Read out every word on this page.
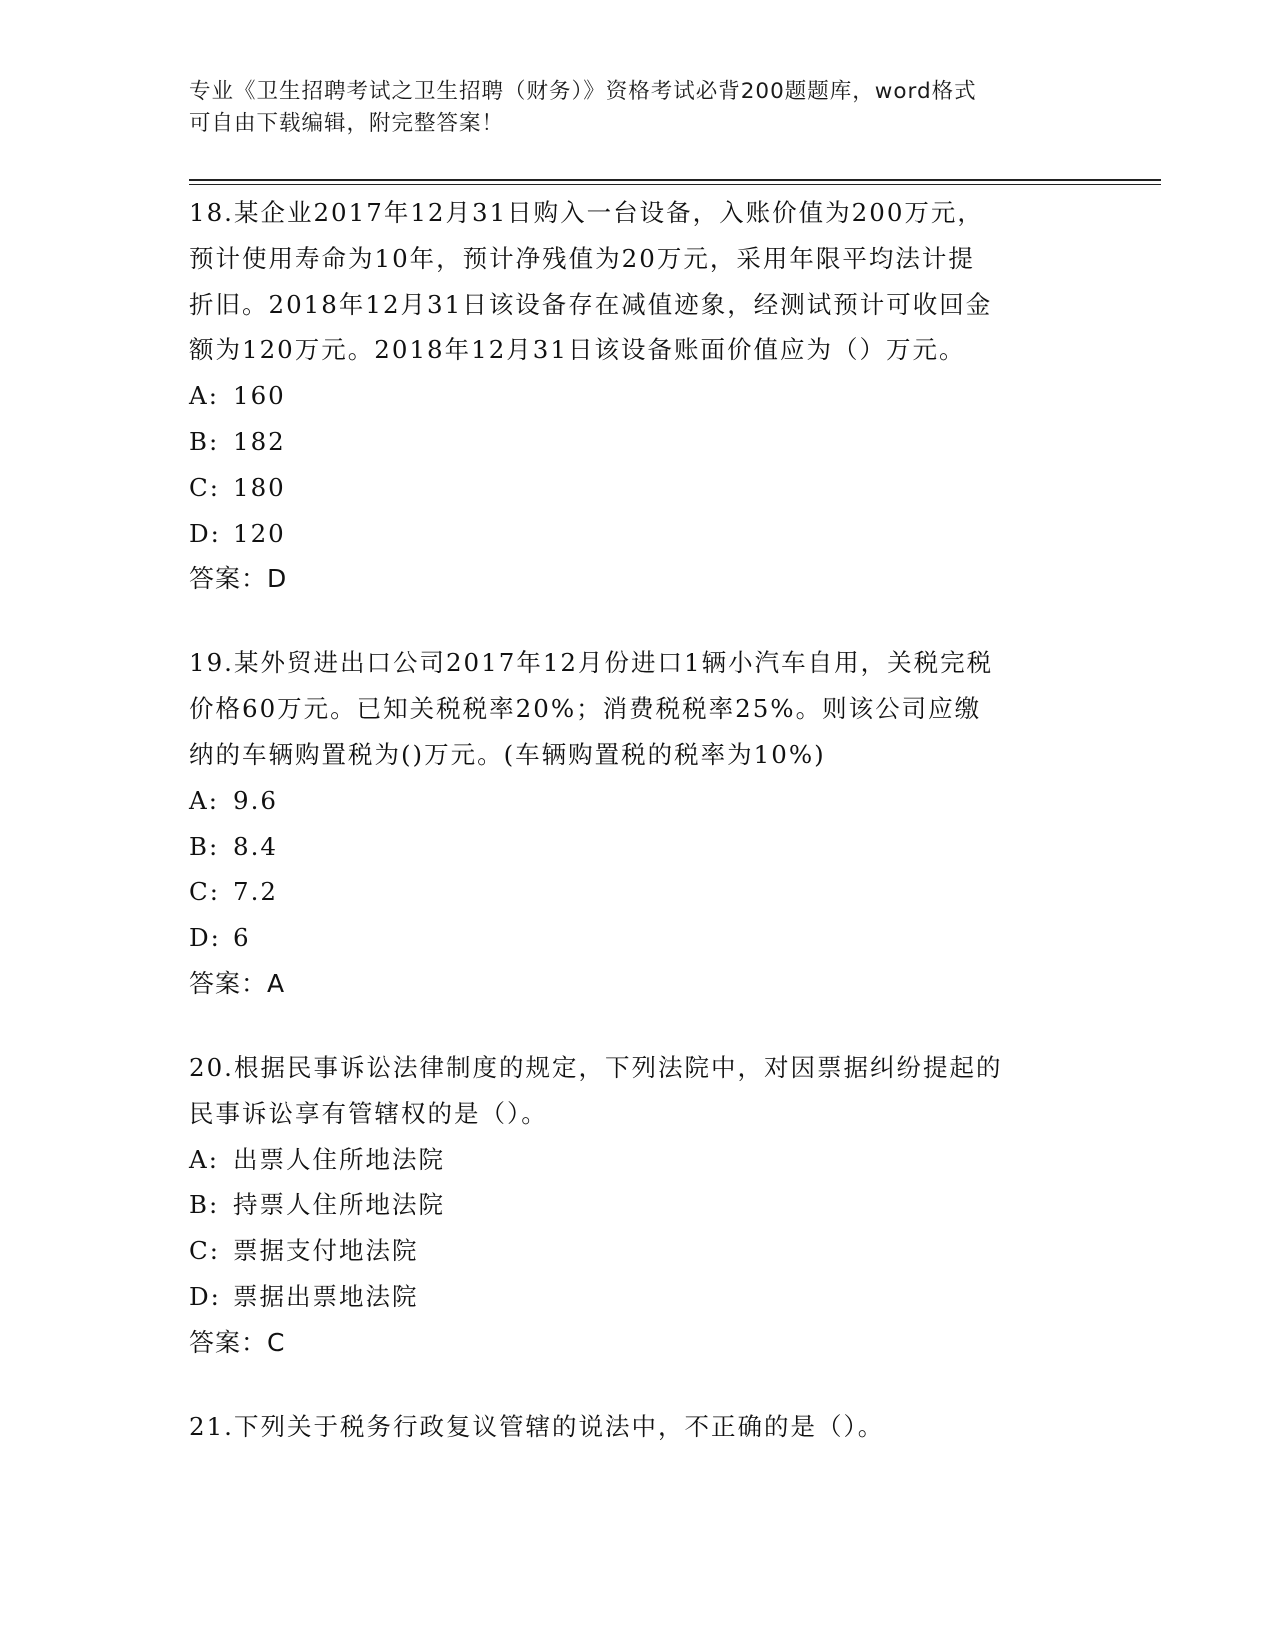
专业《卫生招聘考试之卫生招聘（财务）》资格考试必背200题题库，word格式
可自由下载编辑，附完整答案！
18.某企业2017年12月31日购入一台设备，入账价值为200万元，
预计使用寿命为10年，预计净残值为20万元，采用年限平均法计提
折旧。2018年12月31日该设备存在减值迹象，经测试预计可收回金
额为120万元。2018年12月31日该设备账面价值应为（）万元。
A: 160
B: 182
C: 180
D: 120
答案：D
19.某外贸进出口公司2017年12月份进口1辆小汽车自用，关税完税
价格60万元。已知关税税率20%；消费税税率25%。则该公司应缴
纳的车辆购置税为()万元。(车辆购置税的税率为10%)
A: 9.6
B: 8.4
C: 7.2
D: 6
答案：A
20.根据民事诉讼法律制度的规定，下列法院中，对因票据纠纷提起的
民事诉讼享有管辖权的是（）。
A: 出票人住所地法院
B: 持票人住所地法院
C: 票据支付地法院
D: 票据出票地法院
答案：C
21.下列关于税务行政复议管辖的说法中，不正确的是（）。
